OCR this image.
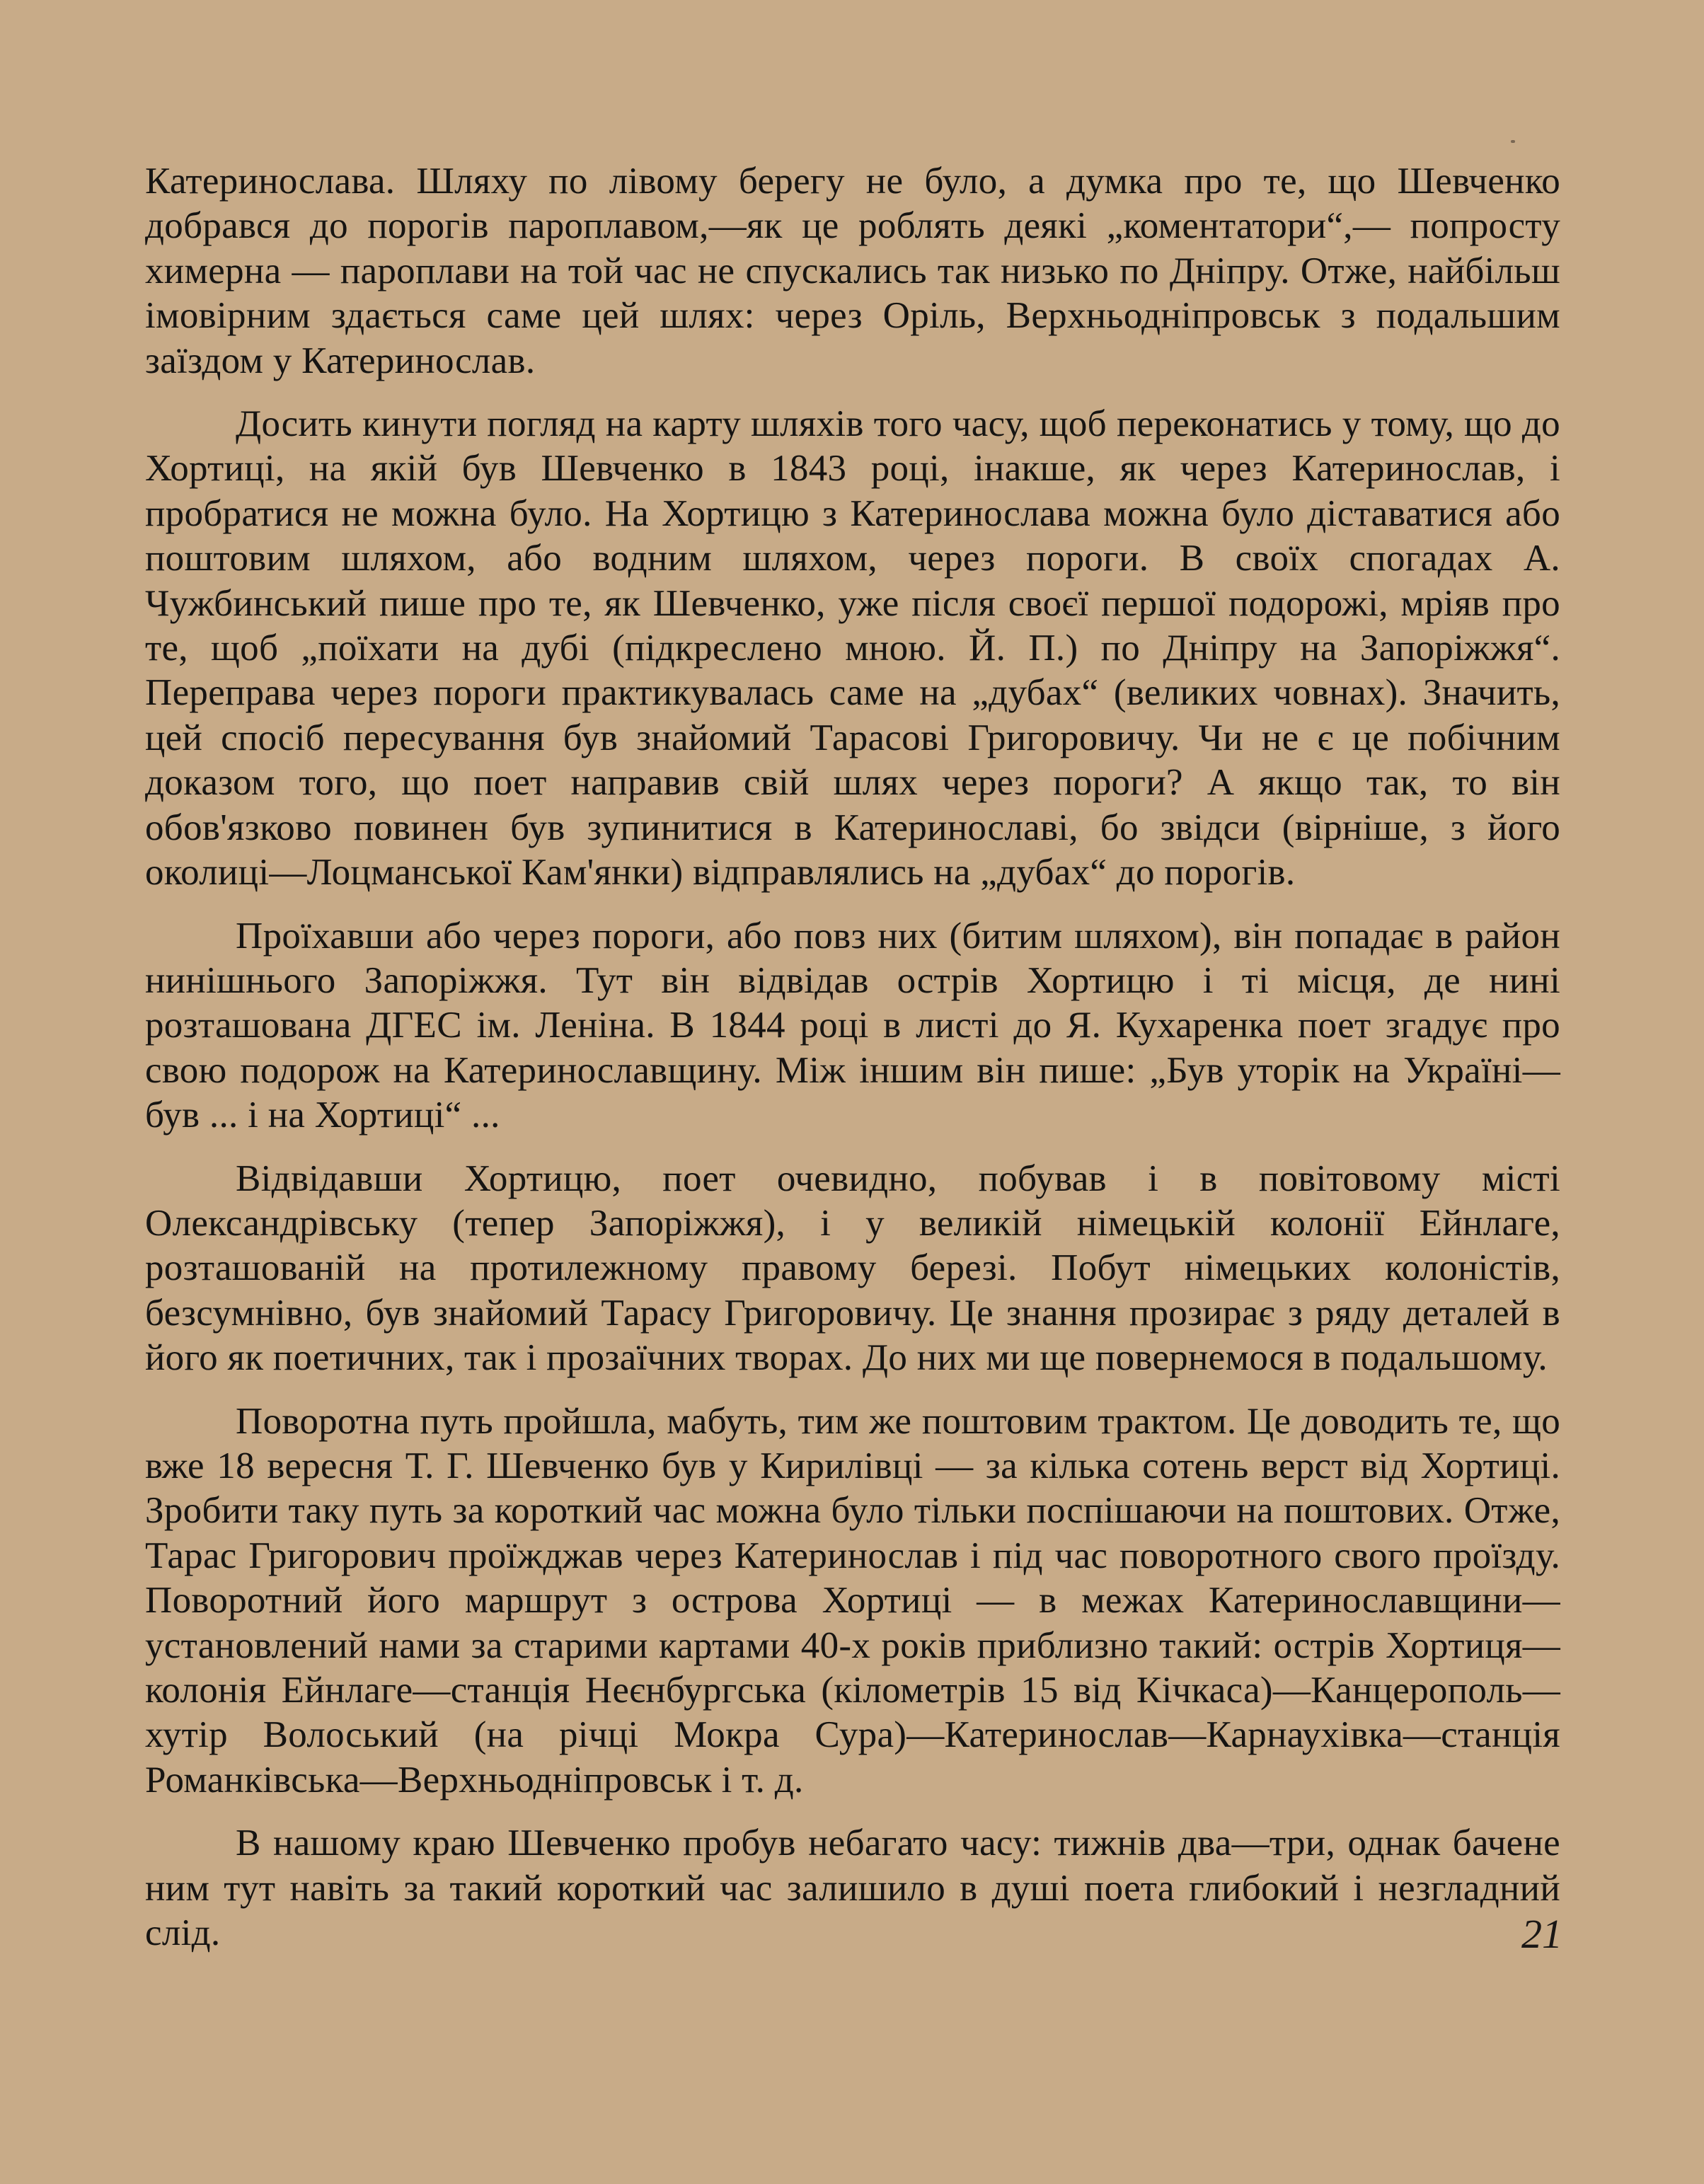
Катеринослава. Шляху по лівому берегу не було, а думка про те, що Шевченко добрався до порогів пароплавом,—як це роблять деякі „коментатори“,— попросту химерна — пароплави на той час не спускались так низько по Дніпру. Отже, найбільш імовірним здається саме цей шлях: через Оріль, Верхньодніпровськ з подальшим заїздом у Катеринослав.

Досить кинути погляд на карту шляхів того часу, щоб переконатись у тому, що до Хортиці, на якій був Шевченко в 1843 році, інакше, як через Катеринослав, і пробратися не можна було. На Хортицю з Катеринослава можна було діставатися або поштовим шляхом, або водним шляхом, через пороги. В своїх спогадах А. Чужбинський пише про те, як Шевченко, уже після своєї першої подорожі, мріяв про те, щоб „поїхати на дубі (підкреслено мною. Й. П.) по Дніпру на Запоріжжя“. Переправа через пороги практикувалась саме на „дубах“ (великих човнах). Значить, цей спосіб пересування був знайомий Тарасові Григоровичу. Чи не є це побічним доказом того, що поет направив свій шлях через пороги? А якщо так, то він обов'язково повинен був зупинитися в Катеринославі, бо звідси (вірніше, з його околиці—Лоцманської Кам'янки) відправлялись на „дубах“ до порогів.

Проїхавши або через пороги, або повз них (битим шляхом), він попадає в район нинішнього Запоріжжя. Тут він відвідав острів Хортицю і ті місця, де нині розташована ДГЕС ім. Леніна. В 1844 році в листі до Я. Кухаренка поет згадує про свою подорож на Катеринославщину. Між іншим він пише: „Був уторік на Україні—був ... і на Хортиці“ ...

Відвідавши Хортицю, поет очевидно, побував і в повітовому місті Олександрівську (тепер Запоріжжя), і у великій німецькій колонії Ейнлаге, розташованій на протилежному правому березі. Побут німецьких колоністів, безсумнівно, був знайомий Тарасу Григоровичу. Це знання прозирає з ряду деталей в його як поетичних, так і прозаїчних творах. До них ми ще повернемося в подальшому.

Поворотна путь пройшла, мабуть, тим же поштовим трактом. Це доводить те, що вже 18 вересня Т. Г. Шевченко був у Кирилівці — за кілька сотень верст від Хортиці. Зробити таку путь за короткий час можна було тільки поспішаючи на поштових. Отже, Тарас Григорович проїжджав через Катеринослав і під час поворотного свого проїзду. Поворотний його маршрут з острова Хортиці — в межах Катеринославщини—установлений нами за старими картами 40-х років приблизно такий: острів Хортиця—колонія Ейнлаге—станція Неєнбургська (кілометрів 15 від Кічкаса)—Канцерополь—хутір Волоський (на річці Мокра Сура)—Катеринослав—Карнаухівка—станція Романківська—Верхньодніпровськ і т. д.

В нашому краю Шевченко пробув небагато часу: тижнів два—три, однак бачене ним тут навіть за такий короткий час залишило в душі поета глибокий і незгладний слід.	21
